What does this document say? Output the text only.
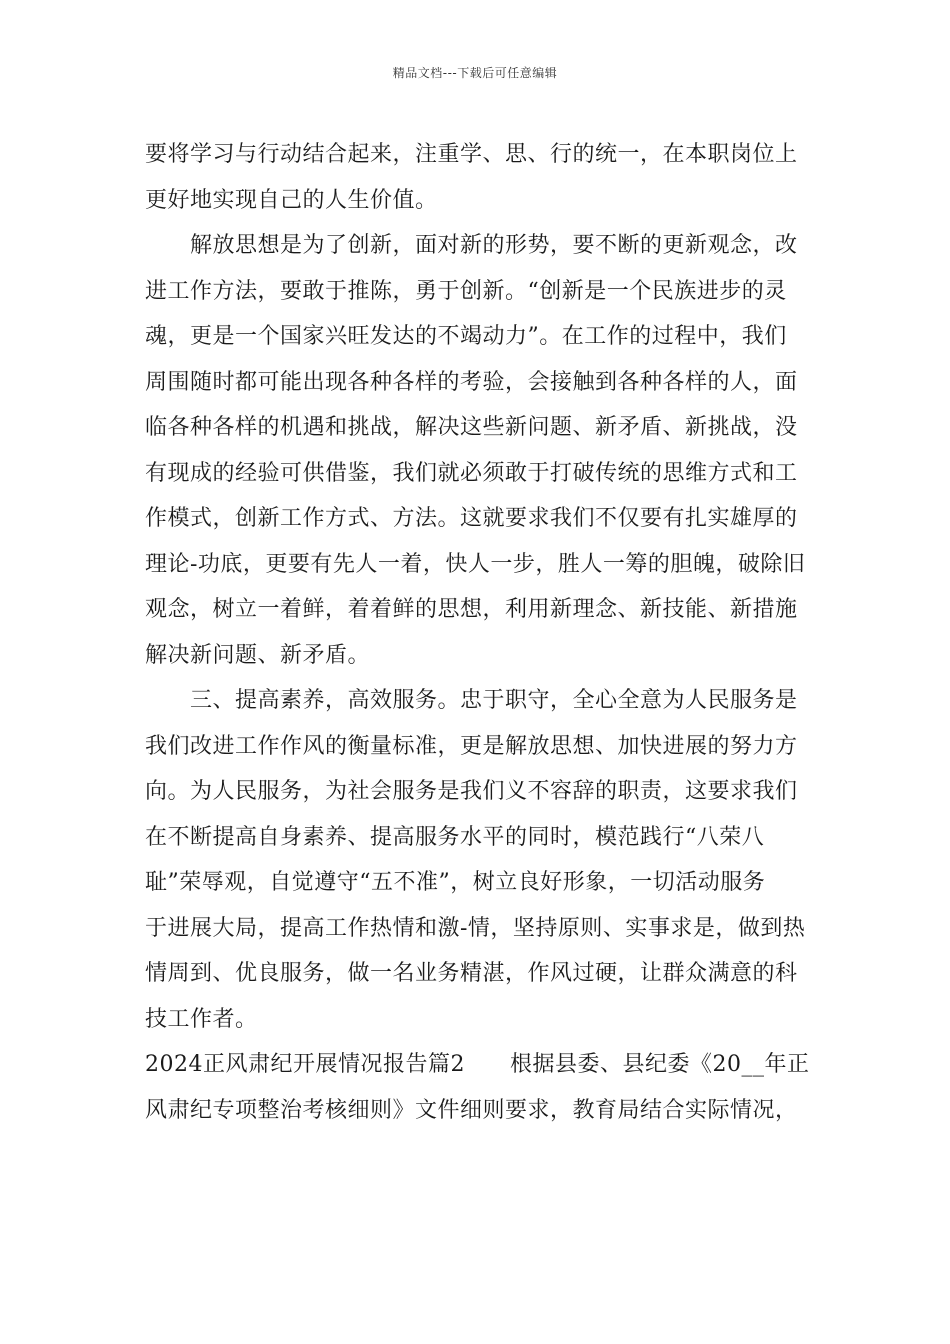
精品文档---下载后可任意编辑
要将学习与行动结合起来，注重学、思、行的统一，在本职岗位上
更好地实现自己的人生价值。
解放思想是为了创新，面对新的形势，要不断的更新观念，改
进工作方法，要敢于推陈，勇于创新。“创新是一个民族进步的灵
魂，更是一个国家兴旺发达的不竭动力”。在工作的过程中，我们
周围随时都可能出现各种各样的考验，会接触到各种各样的人，面
临各种各样的机遇和挑战，解决这些新问题、新矛盾、新挑战，没
有现成的经验可供借鉴，我们就必须敢于打破传统的思维方式和工
作模式，创新工作方式、方法。这就要求我们不仅要有扎实雄厚的
理论-功底，更要有先人一着，快人一步，胜人一筹的胆魄，破除旧
观念，树立一着鲜，着着鲜的思想，利用新理念、新技能、新措施
解决新问题、新矛盾。
三、提高素养，高效服务。忠于职守，全心全意为人民服务是
我们改进工作作风的衡量标准，更是解放思想、加快进展的努力方
向。为人民服务，为社会服务是我们义不容辞的职责，这要求我们
在不断提高自身素养、提高服务水平的同时，模范践行“八荣八
耻”荣辱观，自觉遵守“五不准”，树立良好形象，一切活动服务
于进展大局，提高工作热情和激-情，坚持原则、实事求是，做到热
情周到、优良服务，做一名业务精湛，作风过硬，让群众满意的科
技工作者。
2024正风肃纪开展情况报告篇2　　根据县委、县纪委《20__年正
风肃纪专项整治考核细则》文件细则要求，教育局结合实际情况，
